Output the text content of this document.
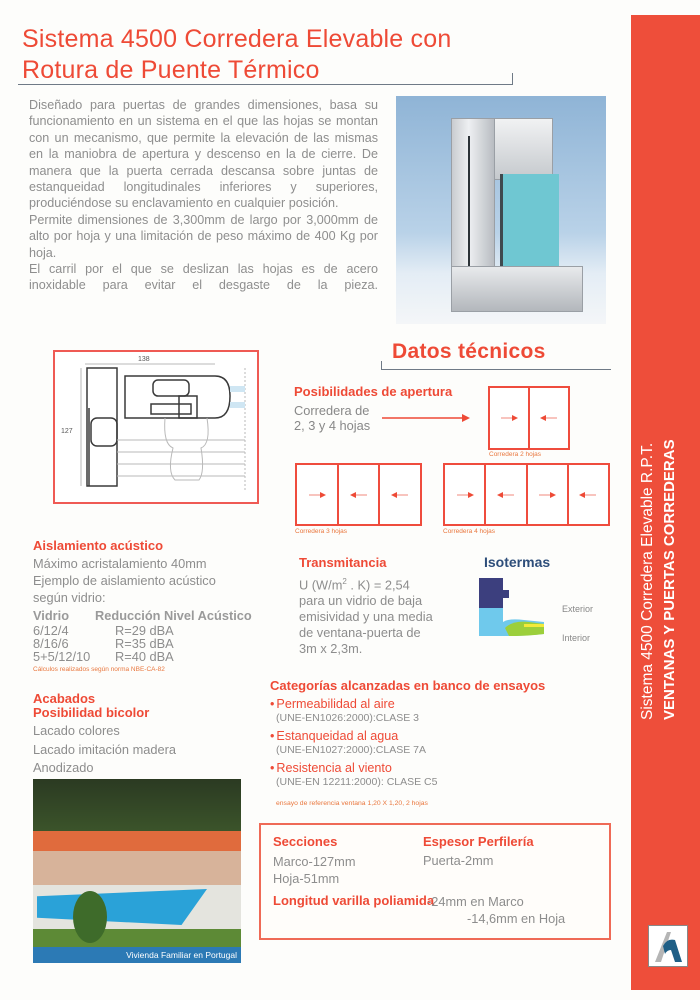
Sistema 4500 Corredera Elevable con
Rotura de Puente Térmico

Diseñado para puertas de grandes dimensiones, basa su funcionamiento en un sistema en el que las hojas se montan con un mecanismo, que permite la elevación de las mismas en la maniobra de apertura y descenso en la de cierre. De manera que la puerta cerrada descansa sobre juntas de estanqueidad longitudinales inferiores y superiores, produciéndose su enclavamiento en cualquier posición.

Permite dimensiones de 3,300mm de largo por 3,000mm de alto por hoja y una limitación de peso máximo de 400 Kg por hoja.

El carril por el que se deslizan las hojas es de acero inoxidable para evitar el desgaste de la pieza.

138
127
Datos técnicos
Posibilidades de apertura
Corredera de
2, 3 y 4 hojas
Corredera 2 hojas
Corredera 3 hojas	Corredera 4 hojas
Aislamiento acústico
Máximo acristalamiento 40mm
Ejemplo de aislamiento acústico
según vidrio:
Vidrio Reducción Nivel Acústico
6/12/4	R=29 dBA
8/16/6	R=35 dBA
5+5/12/10	R=40 dBA
Cálculos realizados según norma NBE-CA-82
Acabados
Posibilidad bicolor
Lacado colores
Lacado imitación madera
Anodizado
Vivienda Familiar en Portugal
Transmitancia
U ($W/m^2$ . K) = 2,54
para un vidrio de baja
emisividad y una media
de ventana-puerta de
3m x 2,3m.
Isotermas
Exterior
Interior
Categorías alcanzadas en banco de ensayos
• Permeabilidad al aire
(UNE-EN1026:2000):CLASE 3
• Estanqueidad al agua
(UNE-EN1027:2000):CLASE 7A
• Resistencia al viento
(UNE-EN 12211:2000): CLASE C5
ensayo de referencia ventana 1,20 X 1,20, 2 hojas
Secciones
Marco-127mm
Hoja-51mm
Espesor Perfilería
Puerta-2mm
Longitud varilla poliamida
-24mm en Marco
-14,6mm en Hoja
Sistema 4500 Corredera Elevable R.P.T. VENTANAS Y PUERTAS CORREDERAS
